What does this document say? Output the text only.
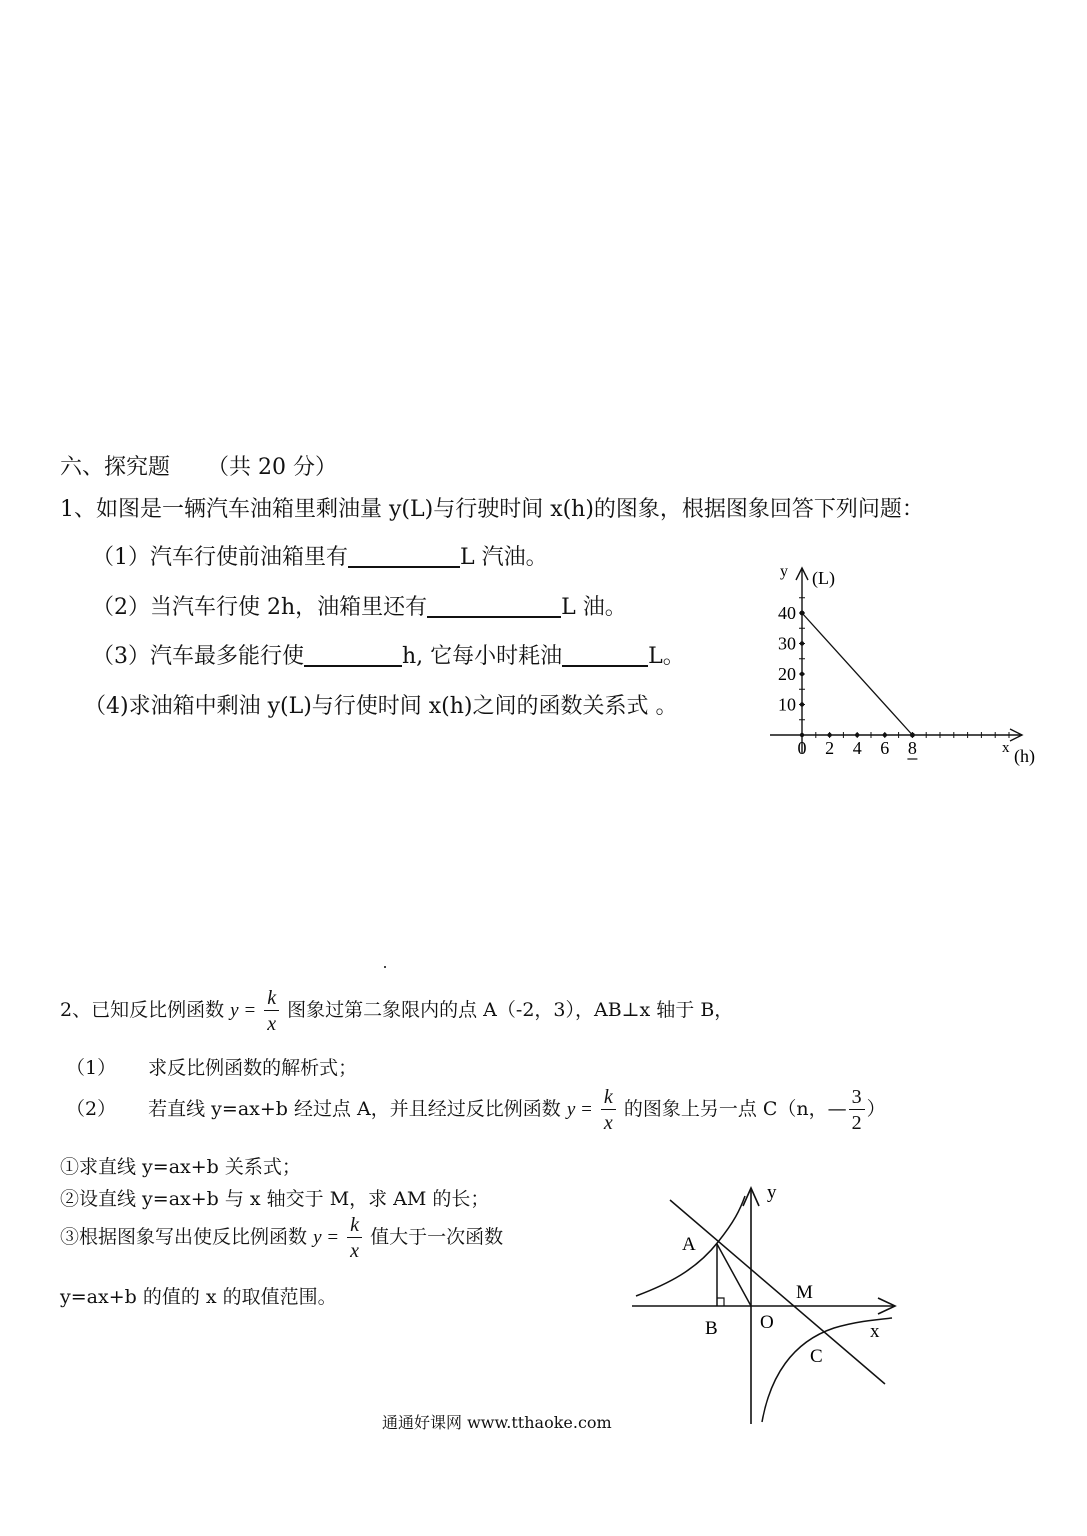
六、探究题 （共 20 分）
1、如图是一辆汽车油箱里剩油量 y(L)与行驶时间 x(h)的图象，根据图象回答下列问题：
（1）汽车行使前油箱里有	L 汽油。
（2）当汽车行使 2h，油箱里还有	L 油。
（3）汽车最多能行使	h, 它每小时耗油	L。
（4)求油箱中剩油 y(L)与行使时间 x(h)之间的函数关系式 。
0 2 4 6 8
10
20
30
40
y (L)
x (h)
2、已知反比例函数 $y = \frac{k}{x}$ 图象过第二象限内的点 A（-2，3），AB⊥x 轴于 B，
（1） 求反比例函数的解析式；
（2） 若直线 y=ax+b 经过点 A，并且经过反比例函数 $y = \frac{k}{x}$ 的图象上另一点 C（n，— $\frac{3}{2}$ ）
①求直线 y=ax+b 关系式；
②设直线 y=ax+b 与 x 轴交于 M，求 AM 的长；
③根据图象写出使反比例函数 $y = \frac{k}{x}$ 值大于一次函数
y=ax+b 的值的 x 的取值范围。
y
x
A
B O
M
C
通通好课网 www.tthaoke.com
